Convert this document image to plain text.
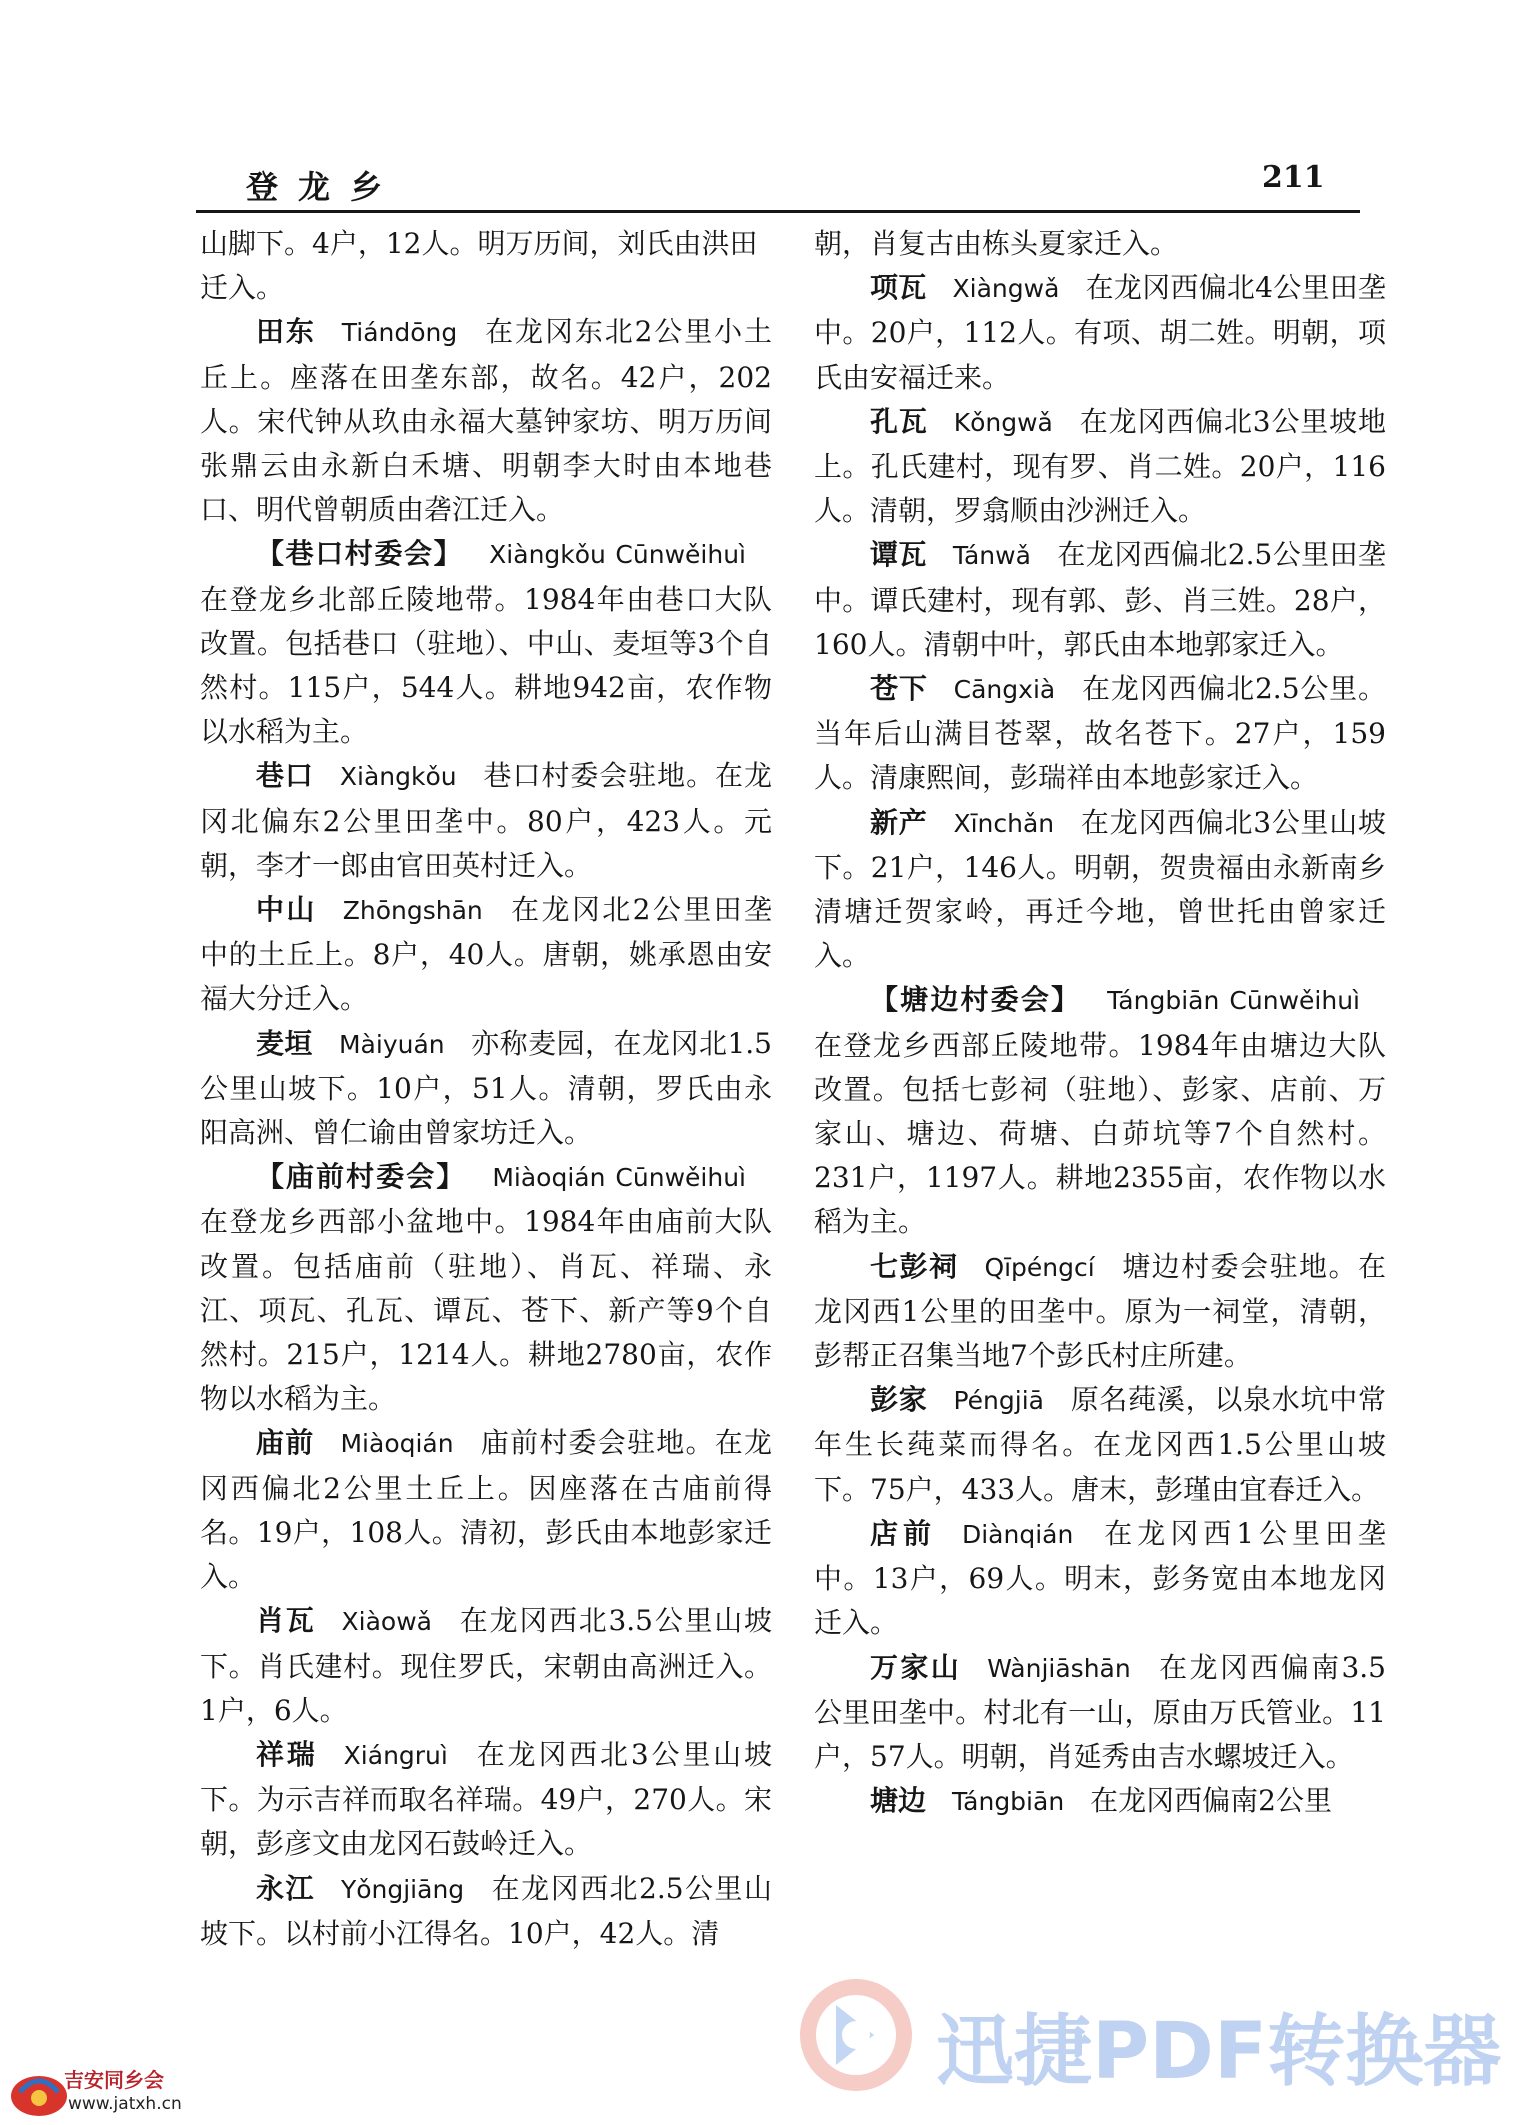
登龙乡	211

山脚下。4户，12人。明万历间，刘氏由洪田迁入。

田东 Tiándōng 在龙冈东北2公里小土丘上。座落在田垄东部，故名。42户，202人。宋代钟从玖由永福大墓钟家坊、明万历间张鼎云由永新白禾塘、明朝李大时由本地巷口、明代曾朝质由砻江迁入。

【巷口村委会】 Xiàngkǒu Cūnwěihuì在登龙乡北部丘陵地带。1984年由巷口大队改置。包括巷口（驻地）、中山、麦垣等3个自然村。115户，544人。耕地942亩，农作物以水稻为主。

巷口 Xiàngkǒu 巷口村委会驻地。在龙冈北偏东2公里田垄中。80户，423人。元朝，李才一郎由官田英村迁入。

中山 Zhōngshān 在龙冈北2公里田垄中的土丘上。8户，40人。唐朝，姚承恩由安福大分迁入。

麦垣 Màiyuán 亦称麦园，在龙冈北1.5公里山坡下。10户，51人。清朝，罗氏由永阳高洲、曾仁谕由曾家坊迁入。

【庙前村委会】 Miàoqián Cūnwěihuì在登龙乡西部小盆地中。1984年由庙前大队改置。包括庙前（驻地）、肖瓦、祥瑞、永江、项瓦、孔瓦、谭瓦、苍下、新产等9个自然村。215户，1214人。耕地2780亩，农作物以水稻为主。

庙前 Miàoqián 庙前村委会驻地。在龙冈西偏北2公里土丘上。因座落在古庙前得名。19户，108人。清初，彭氏由本地彭家迁入。

肖瓦 Xiàowǎ 在龙冈西北3.5公里山坡下。肖氏建村。现住罗氏，宋朝由高洲迁入。1户，6人。

祥瑞 Xiángruì 在龙冈西北3公里山坡下。为示吉祥而取名祥瑞。49户，270人。宋朝，彭彦文由龙冈石鼓岭迁入。

永江 Yǒngjiāng 在龙冈西北2.5公里山坡下。以村前小江得名。10户，42人。清

朝，肖复古由栋头夏家迁入。

项瓦 Xiàngwǎ 在龙冈西偏北4公里田垄中。20户，112人。有项、胡二姓。明朝，项氏由安福迁来。

孔瓦 Kǒngwǎ 在龙冈西偏北3公里坡地上。孔氏建村，现有罗、肖二姓。20户，116人。清朝，罗翕顺由沙洲迁入。

谭瓦 Tánwǎ 在龙冈西偏北2.5公里田垄中。谭氏建村，现有郭、彭、肖三姓。28户，160人。清朝中叶，郭氏由本地郭家迁入。

苍下 Cāngxià 在龙冈西偏北2.5公里。当年后山满目苍翠，故名苍下。27户，159人。清康熙间，彭瑞祥由本地彭家迁入。

新产 Xīnchǎn 在龙冈西偏北3公里山坡下。21户，146人。明朝，贺贵福由永新南乡清塘迁贺家岭，再迁今地，曾世托由曾家迁入。

【塘边村委会】 Tángbiān Cūnwěihuì在登龙乡西部丘陵地带。1984年由塘边大队改置。包括七彭祠（驻地）、彭家、店前、万家山、塘边、荷塘、白茆坑等7个自然村。231户，1197人。耕地2355亩，农作物以水稻为主。

七彭祠 Qīpéngcí 塘边村委会驻地。在龙冈西1公里的田垄中。原为一祠堂，清朝，彭帮正召集当地7个彭氏村庄所建。

彭家 Péngjiā 原名莼溪，以泉水坑中常年生长莼菜而得名。在龙冈西1.5公里山坡下。75户，433人。唐末，彭瑾由宜春迁入。

店前 Diànqián 在龙冈西1公里田垄中。13户，69人。明末，彭务宽由本地龙冈迁入。

万家山 Wànjiāshān 在龙冈西偏南3.5公里田垄中。村北有一山，原由万氏管业。11户，57人。明朝，肖延秀由吉水螺坡迁入。

塘边 Tángbiān 在龙冈西偏南2公里

迅捷PDF转换器
吉安同乡会
www.jatxh.cn
